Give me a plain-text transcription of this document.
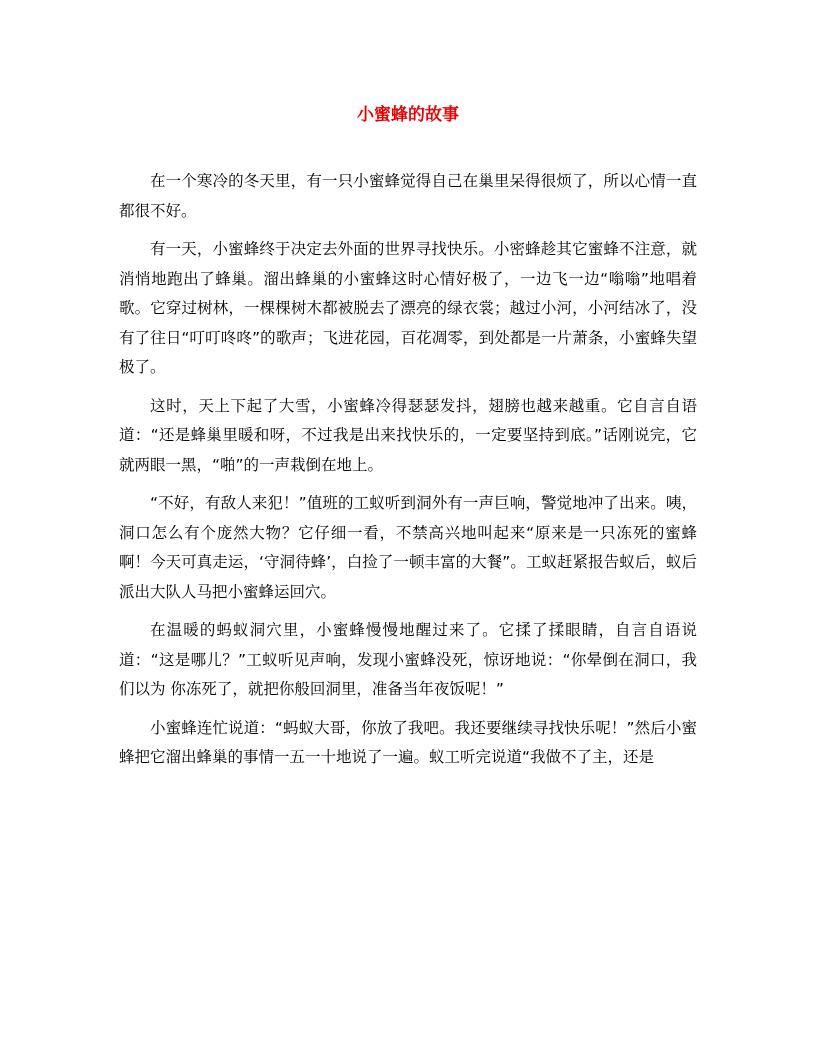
小蜜蜂的故事

在一个寒冷的冬天里，有一只小蜜蜂觉得自己在巢里呆得很烦了，所以心情一直都很不好。

有一天，小蜜蜂终于决定去外面的世界寻找快乐。小密蜂趁其它蜜蜂不注意，就消悄地跑出了蜂巢。溜出蜂巢的小蜜蜂这时心情好极了，一边飞一边“嗡嗡”地唱着歌。它穿过树林，一棵棵树木都被脱去了漂亮的绿衣裳；越过小河，小河结冰了，没有了往日“叮叮咚咚”的歌声；飞进花园，百花凋零，到处都是一片萧条，小蜜蜂失望极了。

这时，天上下起了大雪，小蜜蜂冷得瑟瑟发抖，翅膀也越来越重。它自言自语道：“还是蜂巢里暖和呀，不过我是出来找快乐的，一定要坚持到底。”话刚说完，它就两眼一黑，“啪”的一声栽倒在地上。

“不好，有敌人来犯！”值班的工蚁听到洞外有一声巨响，警觉地冲了出来。咦，洞口怎么有个庞然大物？它仔细一看，不禁高兴地叫起来“原来是一只冻死的蜜蜂啊！今天可真走运，‘守洞待蜂’，白捡了一顿丰富的大餐”。工蚁赶紧报告蚁后，蚁后派出大队人马把小蜜蜂运回穴。

在温暖的蚂蚁洞穴里，小蜜蜂慢慢地醒过来了。它揉了揉眼睛，自言自语说道：“这是哪儿？”工蚁听见声响，发现小蜜蜂没死，惊讶地说：“你晕倒在洞口，我们以为 你冻死了，就把你般回洞里，准备当年夜饭呢！”

小蜜蜂连忙说道：“蚂蚁大哥，你放了我吧。我还要继续寻找快乐呢！”然后小蜜蜂把它溜出蜂巢的事情一五一十地说了一遍。蚁工听完说道“我做不了主，还是
